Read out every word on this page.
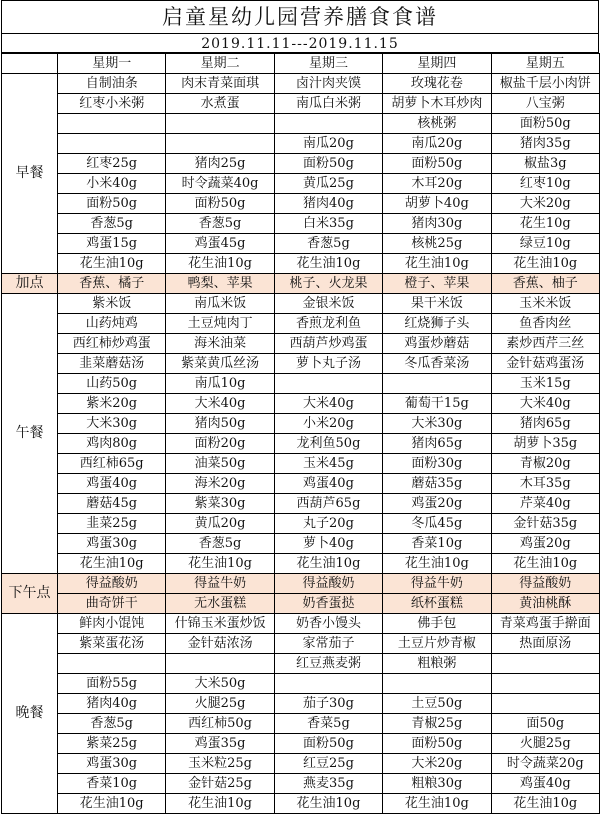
启童星幼儿园营养膳食食谱
2019.11.11---2019.11.15
	星期一	星期二	星期三	星期四	星期五
早餐	自制油条	肉末青菜面琪	卤汁肉夹馍	玫瑰花卷	椒盐千层小肉饼
	红枣小米粥	水煮蛋	南瓜白米粥	胡萝卜木耳炒肉	八宝粥
				核桃粥	面粉50g
			南瓜20g	南瓜20g	猪肉35g
	红枣25g	猪肉25g	面粉50g	面粉50g	椒盐3g
	小米40g	时令蔬菜40g	黄瓜25g	木耳20g	红枣10g
	面粉50g	面粉50g	猪肉40g	胡萝卜40g	大米20g
	香葱5g	香葱5g	白米35g	猪肉30g	花生10g
	鸡蛋15g	鸡蛋45g	香葱5g	核桃25g	绿豆10g
	花生油10g	花生油10g	花生油10g	花生油10g	花生油10g
加点	香蕉、橘子	鸭梨、苹果	桃子、火龙果	橙子、苹果	香蕉、柚子
午餐	紫米饭	南瓜米饭	金银米饭	果干米饭	玉米米饭
	山药炖鸡	土豆炖肉丁	香煎龙利鱼	红烧狮子头	鱼香肉丝
	西红柿炒鸡蛋	海米油菜	西葫芦炒鸡蛋	鸡蛋炒蘑菇	素炒西芹三丝
	韭菜蘑菇汤	紫菜黄瓜丝汤	萝卜丸子汤	冬瓜香菜汤	金针菇鸡蛋汤
	山药50g	南瓜10g			玉米15g
	紫米20g	大米40g	大米40g	葡萄干15g	大米40g
	大米30g	猪肉50g	小米20g	大米30g	猪肉65g
	鸡肉80g	面粉20g	龙利鱼50g	猪肉65g	胡萝卜35g
	西红柿65g	油菜50g	玉米45g	面粉30g	青椒20g
	鸡蛋40g	海米20g	鸡蛋40g	蘑菇35g	木耳35g
	蘑菇45g	紫菜30g	西葫芦65g	鸡蛋20g	芹菜40g
	韭菜25g	黄瓜20g	丸子20g	冬瓜45g	金针菇35g
	鸡蛋30g	香葱5g	萝卜40g	香菜10g	鸡蛋20g
	花生油10g	花生油10g	花生油10g	花生油10g	花生油10g
下午点	得益酸奶	得益牛奶	得益酸奶	得益牛奶	得益酸奶
	曲奇饼干	无水蛋糕	奶香蛋挞	纸杯蛋糕	黄油桃酥
晚餐	鲜肉小馄饨	什锦玉米蛋炒饭	奶香小馒头	佛手包	青菜鸡蛋手擀面
	紫菜蛋花汤	金针菇浓汤	家常茄子	土豆片炒青椒	热面原汤
			红豆燕麦粥	粗粮粥	
	面粉55g	大米50g			
	猪肉40g	火腿25g	茄子30g	土豆50g	
	香葱5g	西红柿50g	香菜5g	青椒25g	面50g
	紫菜25g	鸡蛋35g	面粉50g	面粉50g	火腿25g
	鸡蛋30g	玉米粒25g	红豆25g	大米20g	时令蔬菜20g
	香菜10g	金针菇25g	燕麦35g	粗粮30g	鸡蛋40g
	花生油10g	花生油10g	花生油10g	花生油10g	花生油10g
